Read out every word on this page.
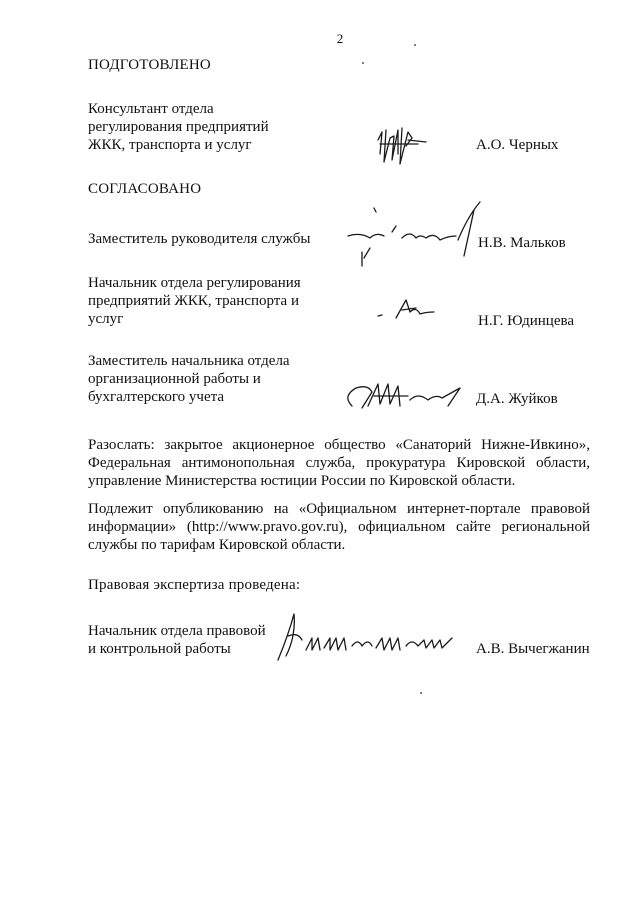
2
ПОДГОТОВЛЕНО
Консультант отдела
регулирования предприятий
ЖКК, транспорта и услуг	А.О. Черных
СОГЛАСОВАНО
Заместитель руководителя службы	Н.В. Мальков
Начальник отдела регулирования
предприятий ЖКК, транспорта и
услуг	Н.Г. Юдинцева
Заместитель начальника отдела
организационной работы и
бухгалтерского учета	Д.А. Жуйков
Разослать: закрытое акционерное общество «Санаторий Нижне-Ивкино»,
Федеральная антимонопольная служба, прокуратура Кировской области,
управление Министерства юстиции России по Кировской области.
Подлежит опубликованию на «Официальном интернет-портале правовой
информации» (http://www.pravo.gov.ru), официальном сайте региональной
службы по тарифам Кировской области.
Правовая экспертиза проведена:
Начальник отдела правовой
и контрольной работы	А.В. Вычегжанин
